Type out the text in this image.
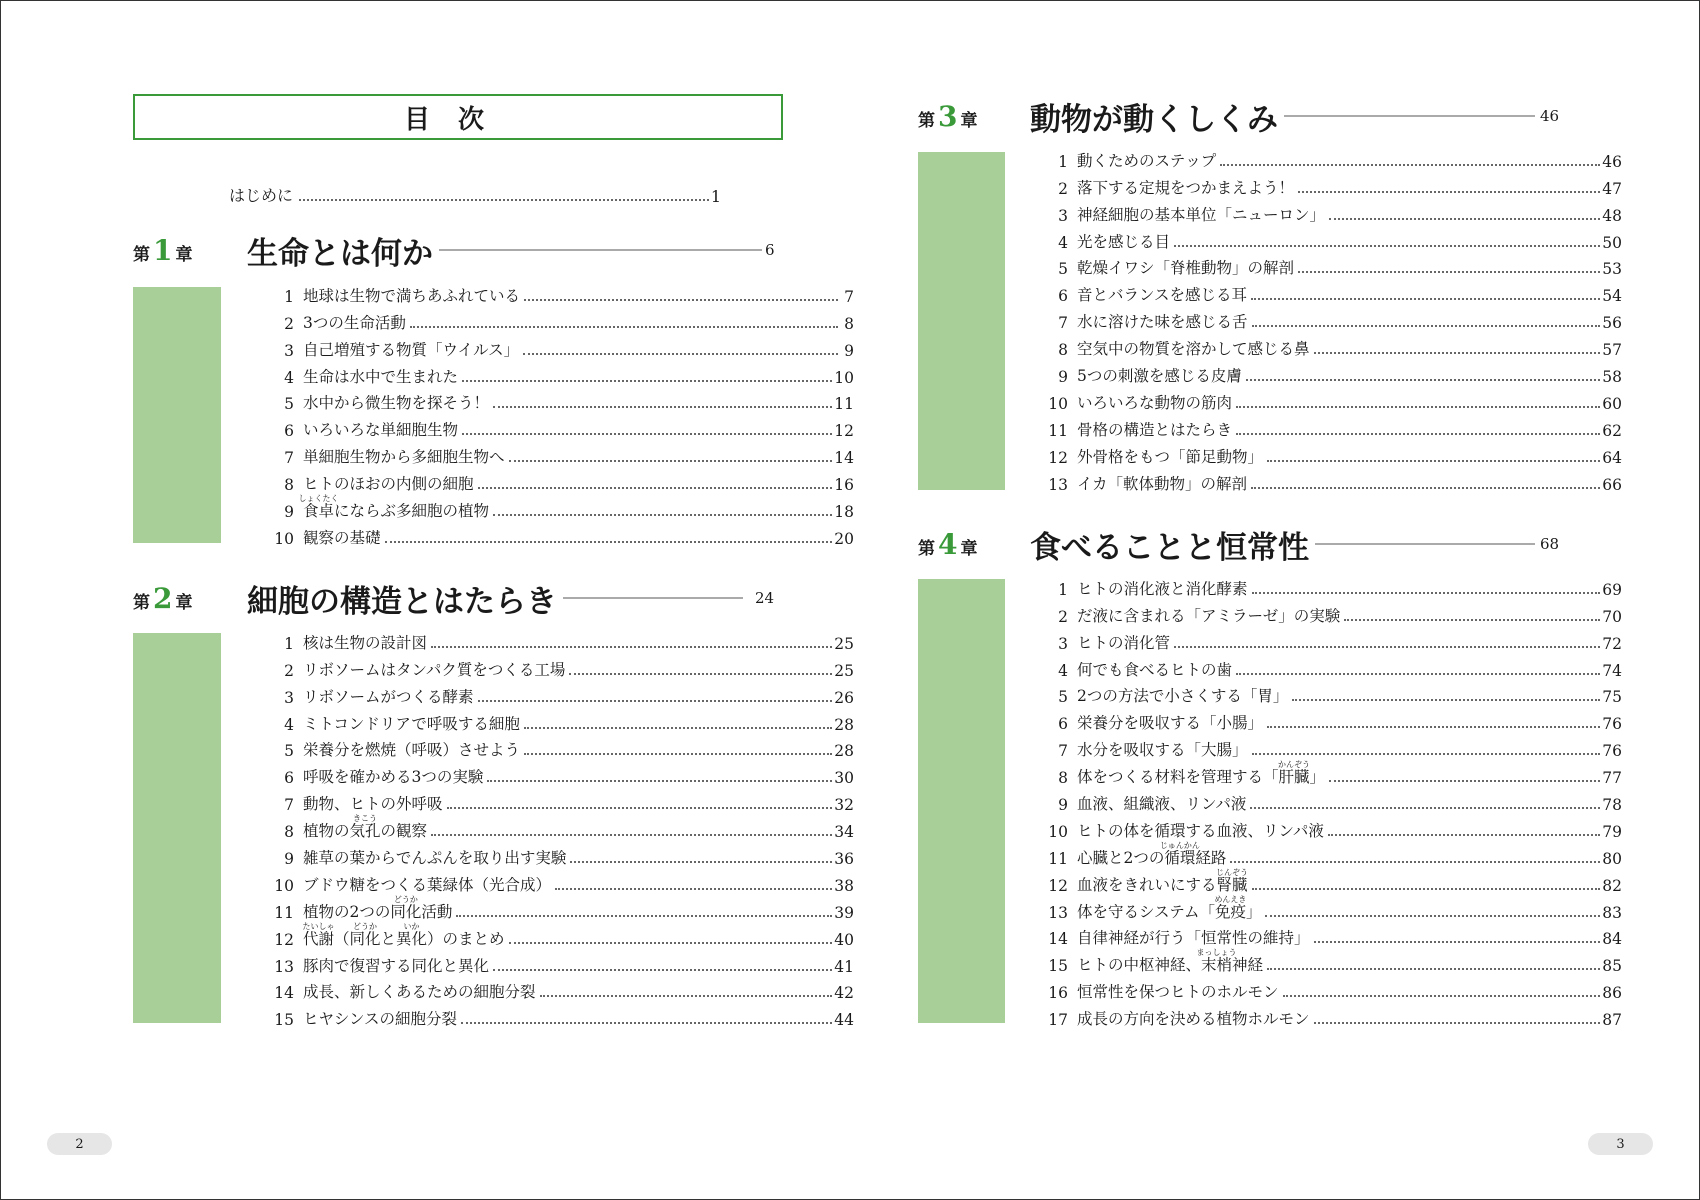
目次
はじめに	1
第 1 章 生命とは何か	6
1 地球は生物で満ちあふれている	7
2 3つの生命活動	8
3 自己増殖する物質「ウイルス」	9
4 生命は水中で生まれた	10
5 水中から微生物を探そう！	11
6 いろいろな単細胞生物	12
7 単細胞生物から多細胞生物へ	14
8 ヒトのほおの内側の細胞	16
9 食卓にならぶ多細胞の植物	18
しょくたく
10 観察の基礎	20
第 2 章 細胞の構造とはたらき	24
1 核は生物の設計図	25
2 リボソームはタンパク質をつくる工場	25
3 リボソームがつくる酵素	26
4 ミトコンドリアで呼吸する細胞	28
5 栄養分を燃焼（呼吸）させよう	28
6 呼吸を確かめる3つの実験	30
7 動物、ヒトの外呼吸	32
8 植物の気孔の観察	34
きこう
9 雑草の葉からでんぷんを取り出す実験	36
10 ブドウ糖をつくる葉緑体（光合成）	38
11 植物の2つの同化活動	39
どうか
12 代謝（同化と異化）のまとめ	40
たいしゃ どうか	いか
13 豚肉で復習する同化と異化	41
14 成長、新しくあるための細胞分裂	42
15 ヒヤシンスの細胞分裂	44
第 3 章 動物が動くしくみ	46
1 動くためのステップ	46
2 落下する定規をつかまえよう！	47
3 神経細胞の基本単位「ニューロン」	48
4 光を感じる目	50
5 乾燥イワシ「脊椎動物」の解剖	53
6 音とバランスを感じる耳	54
7 水に溶けた味を感じる舌	56
8 空気中の物質を溶かして感じる鼻	57
9 5つの刺激を感じる皮膚	58
10 いろいろな動物の筋肉	60
11 骨格の構造とはたらき	62
12 外骨格をもつ「節足動物」	64
13 イカ「軟体動物」の解剖	66
第 4 章 食べることと恒常性	68
1 ヒトの消化液と消化酵素	69
2 だ液に含まれる「アミラーゼ」の実験	70
3 ヒトの消化管	72
4 何でも食べるヒトの歯	74
5 2つの方法で小さくする「胃」	75
6 栄養分を吸収する「小腸」	76
7 水分を吸収する「大腸」	76
8 体をつくる材料を管理する「肝臓」	77
かんぞう
9 血液、組織液、リンパ液	78
10 ヒトの体を循環する血液、リンパ液	79
11 心臓と2つの循環経路	80
じゅんかん
12 血液をきれいにする腎臓	82
じんぞう
13 体を守るシステム「免疫」	83
めんえき
14 自律神経が行う「恒常性の維持」	84
15 ヒトの中枢神経、末梢神経	85
まっしょう
16 恒常性を保つヒトのホルモン	86
17 成長の方向を決める植物ホルモン	87
2	3
